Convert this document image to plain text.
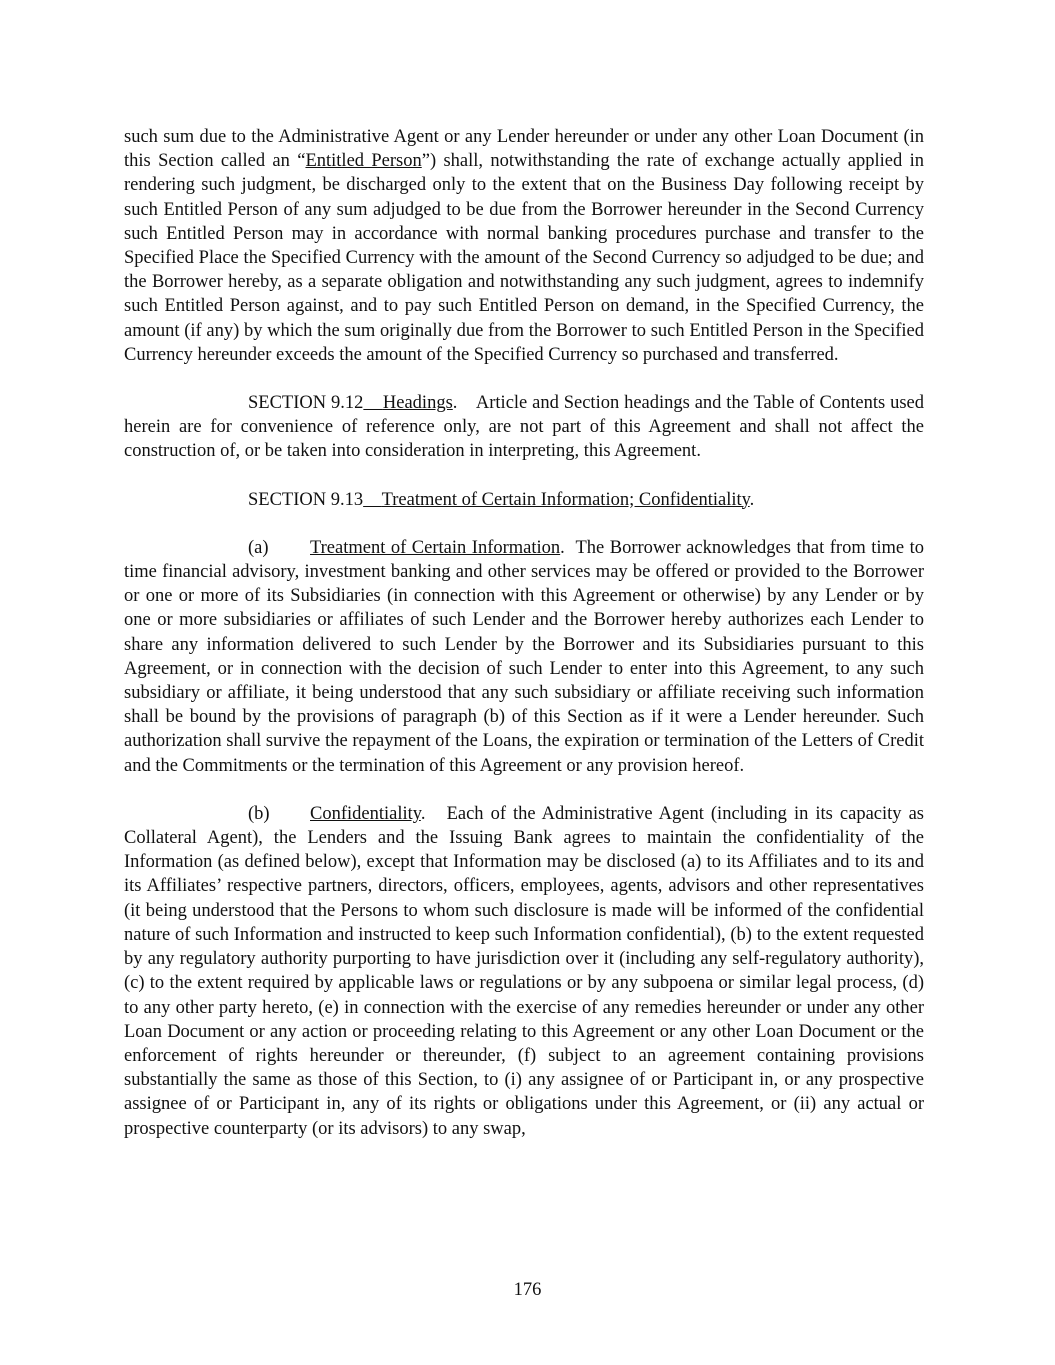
such sum due to the Administrative Agent or any Lender hereunder or under any other Loan Document (in this Section called an “Entitled Person”) shall, notwithstanding the rate of exchange actually applied in rendering such judgment, be discharged only to the extent that on the Business Day following receipt by such Entitled Person of any sum adjudged to be due from the Borrower hereunder in the Second Currency such Entitled Person may in accordance with normal banking procedures purchase and transfer to the Specified Place the Specified Currency with the amount of the Second Currency so adjudged to be due; and the Borrower hereby, as a separate obligation and notwithstanding any such judgment, agrees to indemnify such Entitled Person against, and to pay such Entitled Person on demand, in the Specified Currency, the amount (if any) by which the sum originally due from the Borrower to such Entitled Person in the Specified Currency hereunder exceeds the amount of the Specified Currency so purchased and transferred.

SECTION 9.12 Headings.    Article and Section headings and the Table of Contents used herein are for convenience of reference only, are not part of this Agreement and shall not affect the construction of, or be taken into consideration in interpreting, this Agreement.

SECTION 9.13 Treatment of Certain Information; Confidentiality.

(a) Treatment of Certain Information.  The Borrower acknowledges that from time to time financial advisory, investment banking and other services may be offered or provided to the Borrower or one or more of its Subsidiaries (in connection with this Agreement or otherwise) by any Lender or by one or more subsidiaries or affiliates of such Lender and the Borrower hereby authorizes each Lender to share any information delivered to such Lender by the Borrower and its Subsidiaries pursuant to this Agreement, or in connection with the decision of such Lender to enter into this Agreement, to any such subsidiary or affiliate, it being understood that any such subsidiary or affiliate receiving such information shall be bound by the provisions of paragraph (b) of this Section as if it were a Lender hereunder. Such authorization shall survive the repayment of the Loans, the expiration or termination of the Letters of Credit and the Commitments or the termination of this Agreement or any provision hereof.

(b) Confidentiality.   Each of the Administrative Agent (including in its capacity as Collateral Agent), the Lenders and the Issuing Bank agrees to maintain the confidentiality of the Information (as defined below), except that Information may be disclosed (a) to its Affiliates and to its and its Affiliates’ respective partners, directors, officers, employees, agents, advisors and other representatives (it being understood that the Persons to whom such disclosure is made will be informed of the confidential nature of such Information and instructed to keep such Information confidential), (b) to the extent requested by any regulatory authority purporting to have jurisdiction over it (including any self-regulatory authority), (c) to the extent required by applicable laws or regulations or by any subpoena or similar legal process, (d) to any other party hereto, (e) in connection with the exercise of any remedies hereunder or under any other Loan Document or any action or proceeding relating to this Agreement or any other Loan Document or the enforcement of rights hereunder or thereunder, (f) subject to an agreement containing provisions substantially the same as those of this Section, to (i) any assignee of or Participant in, or any prospective assignee of or Participant in, any of its rights or obligations under this Agreement, or (ii) any actual or prospective counterparty (or its advisors) to any swap,

176
